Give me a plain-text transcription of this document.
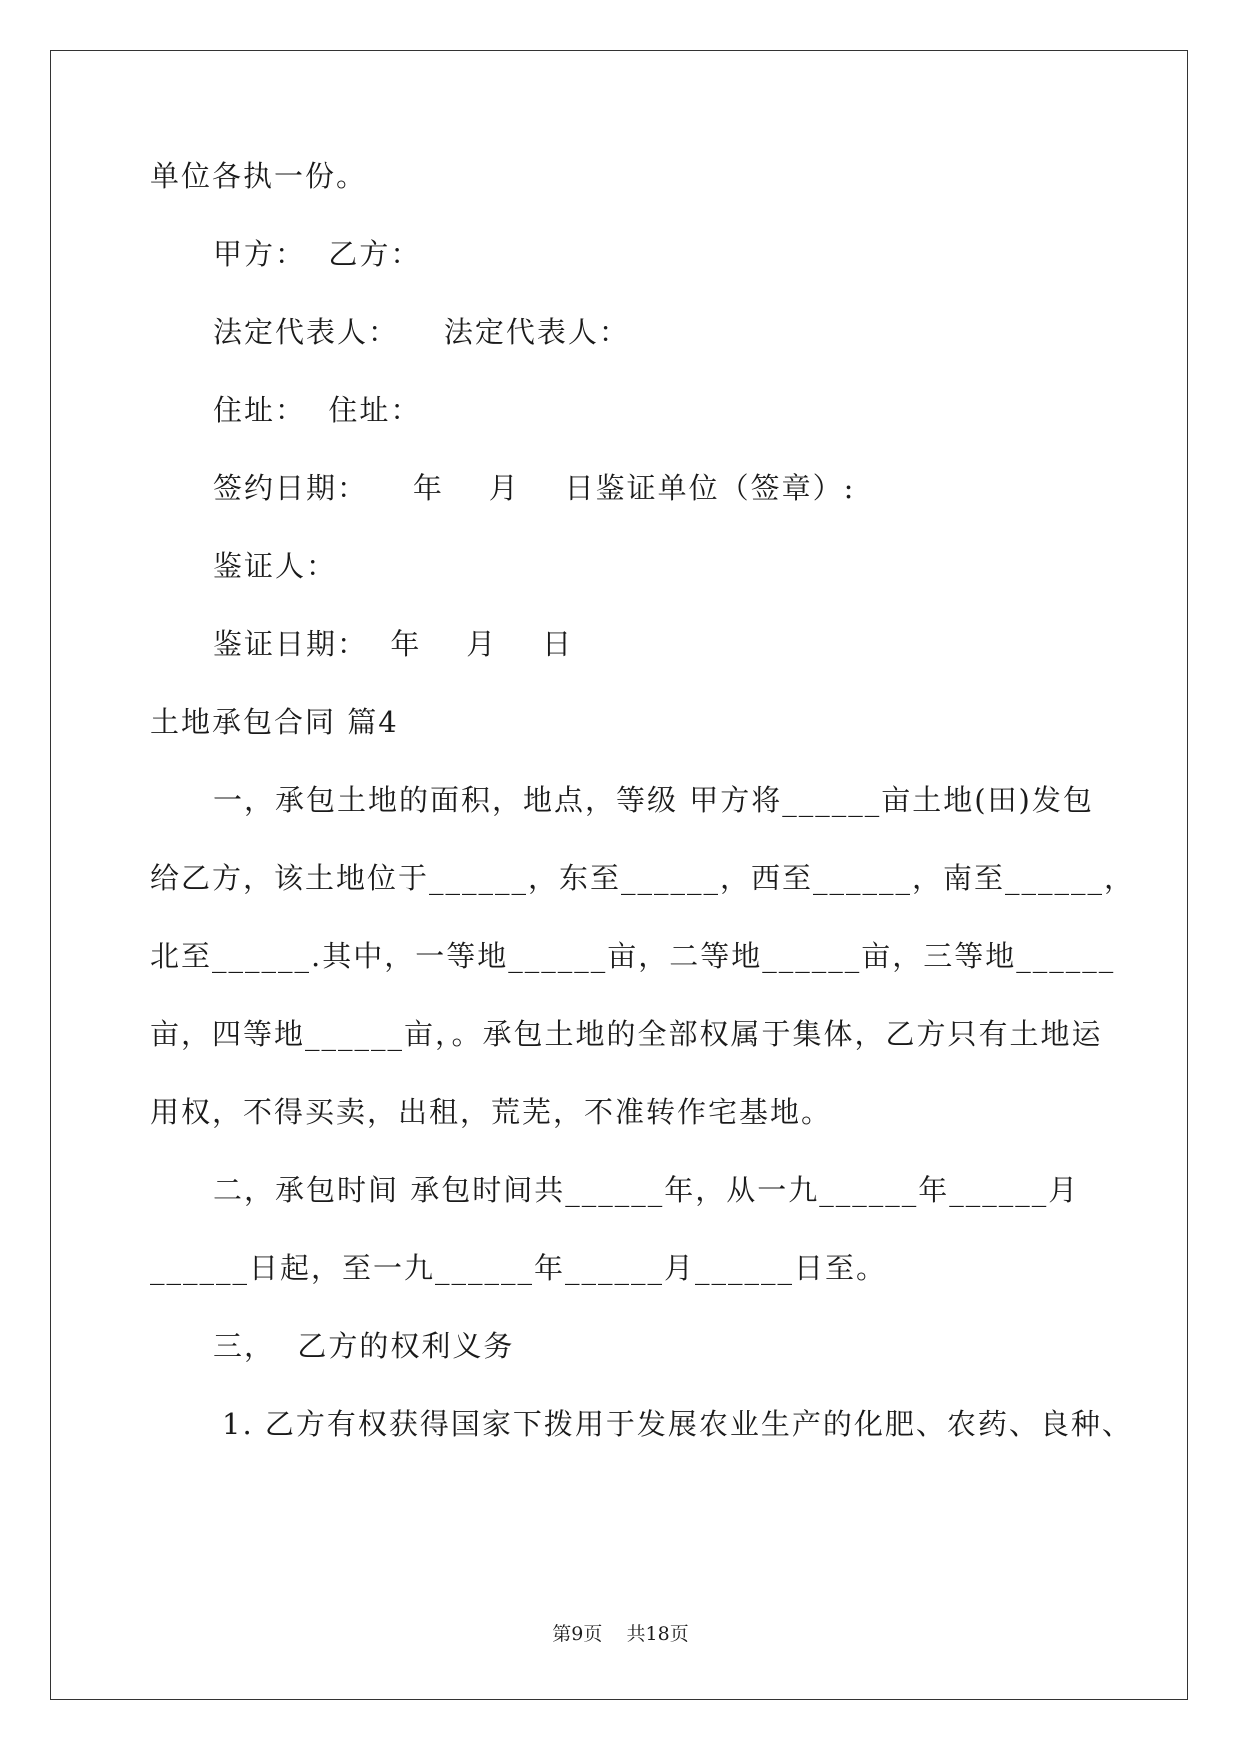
单位各执一份。
甲方：  乙方：
法定代表人：    法定代表人：
住址：  住址：
签约日期：    年    月    日鉴证单位（签章）:
鉴证人：
鉴证日期：  年    月    日
土地承包合同 篇4
一，承包土地的面积，地点，等级 甲方将______亩土地(田)发包
给乙方，该土地位于______，东至______，西至______，南至______，
北至______.其中，一等地______亩，二等地______亩，三等地______
亩，四等地______亩，。承包土地的全部权属于集体，乙方只有土地运
用权，不得买卖，出租，荒芜，不准转作宅基地。
二，承包时间 承包时间共______年，从一九______年______月
______日起，至一九______年______月______日至。
三，  乙方的权利义务
1. 乙方有权获得国家下拨用于发展农业生产的化肥、农药、良种、
第9页    共18页
